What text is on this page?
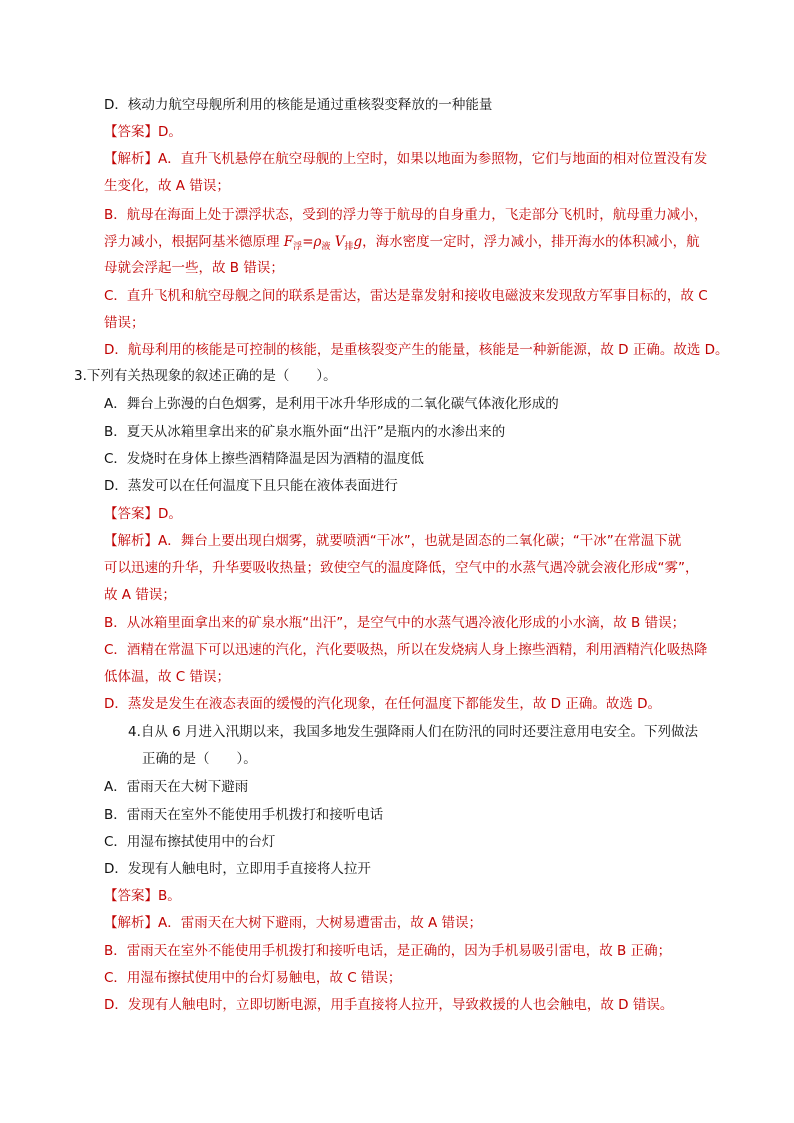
D．核动力航空母舰所利用的核能是通过重核裂变释放的一种能量
【答案】D。
【解析】A．直升飞机悬停在航空母舰的上空时，如果以地面为参照物，它们与地面的相对位置没有发
生变化，故 A 错误；
B．航母在海面上处于漂浮状态，受到的浮力等于航母的自身重力，飞走部分飞机时，航母重力减小，
浮力减小，根据阿基米德原理 $F_浮=\rho_液$ $V_排g$，海水密度一定时，浮力减小，排开海水的体积减小，航
母就会浮起一些，故 B 错误；
C．直升飞机和航空母舰之间的联系是雷达，雷达是靠发射和接收电磁波来发现敌方军事目标的，故 C
错误；
D．航母利用的核能是可控制的核能，是重核裂变产生的能量，核能是一种新能源，故 D 正确。故选 D。
3.下列有关热现象的叙述正确的是（　　）。
A．舞台上弥漫的白色烟雾，是利用干冰升华形成的二氧化碳气体液化形成的
B．夏天从冰箱里拿出来的矿泉水瓶外面“出汗”是瓶内的水渗出来的
C．发烧时在身体上擦些酒精降温是因为酒精的温度低
D．蒸发可以在任何温度下且只能在液体表面进行
【答案】D。
【解析】A．舞台上要出现白烟雾，就要喷洒“干冰”，也就是固态的二氧化碳；“干冰”在常温下就
可以迅速的升华，升华要吸收热量；致使空气的温度降低，空气中的水蒸气遇冷就会液化形成“雾”，
故 A 错误；
B．从冰箱里面拿出来的矿泉水瓶“出汗”，是空气中的水蒸气遇冷液化形成的小水滴，故 B 错误；
C．酒精在常温下可以迅速的汽化，汽化要吸热，所以在发烧病人身上擦些酒精，利用酒精汽化吸热降
低体温，故 C 错误；
D．蒸发是发生在液态表面的缓慢的汽化现象，在任何温度下都能发生，故 D 正确。故选 D。
4.自从 6 月进入汛期以来，我国多地发生强降雨人们在防汛的同时还要注意用电安全。下列做法
正确的是（　　）。
A．雷雨天在大树下避雨
B．雷雨天在室外不能使用手机拨打和接听电话
C．用湿布擦拭使用中的台灯
D．发现有人触电时，立即用手直接将人拉开
【答案】B。
【解析】A．雷雨天在大树下避雨，大树易遭雷击，故 A 错误；
B．雷雨天在室外不能使用手机拨打和接听电话，是正确的，因为手机易吸引雷电，故 B 正确；
C．用湿布擦拭使用中的台灯易触电，故 C 错误；
D．发现有人触电时，立即切断电源，用手直接将人拉开，导致救援的人也会触电，故 D 错误。
